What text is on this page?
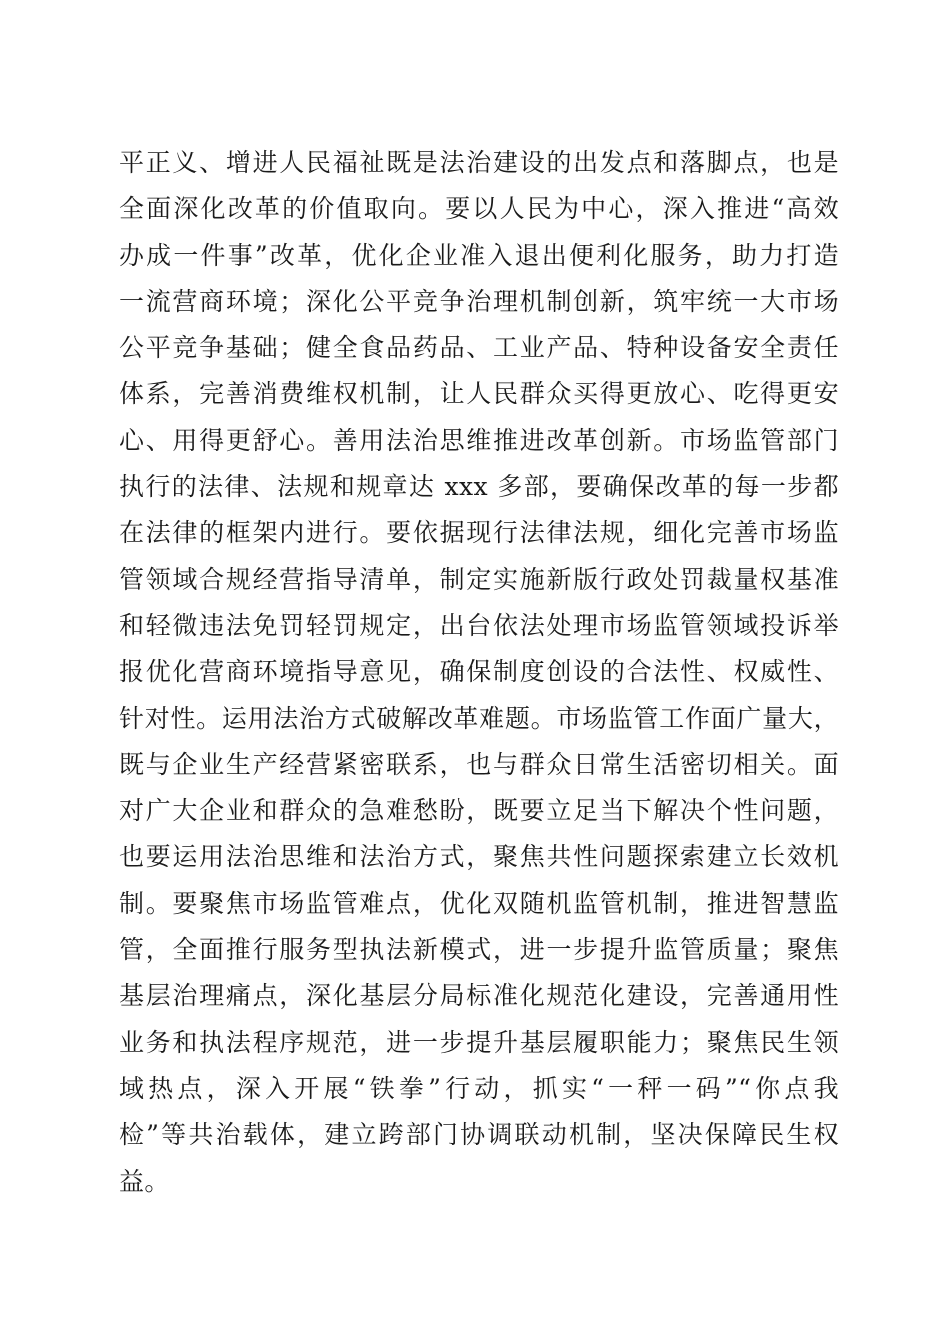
平正义、增进人民福祉既是法治建设的出发点和落脚点，也是
全面深化改革的价值取向。要以人民为中心，深入推进“高效
办成一件事”改革，优化企业准入退出便利化服务，助力打造
一流营商环境；深化公平竞争治理机制创新，筑牢统一大市场
公平竞争基础；健全食品药品、工业产品、特种设备安全责任
体系，完善消费维权机制，让人民群众买得更放心、吃得更安
心、用得更舒心。善用法治思维推进改革创新。市场监管部门
执行的法律、法规和规章达 xxx 多部，要确保改革的每一步都
在法律的框架内进行。要依据现行法律法规，细化完善市场监
管领域合规经营指导清单，制定实施新版行政处罚裁量权基准
和轻微违法免罚轻罚规定，出台依法处理市场监管领域投诉举
报优化营商环境指导意见，确保制度创设的合法性、权威性、
针对性。运用法治方式破解改革难题。市场监管工作面广量大，
既与企业生产经营紧密联系，也与群众日常生活密切相关。面
对广大企业和群众的急难愁盼，既要立足当下解决个性问题，
也要运用法治思维和法治方式，聚焦共性问题探索建立长效机
制。要聚焦市场监管难点，优化双随机监管机制，推进智慧监
管，全面推行服务型执法新模式，进一步提升监管质量；聚焦
基层治理痛点，深化基层分局标准化规范化建设，完善通用性
业务和执法程序规范，进一步提升基层履职能力；聚焦民生领
域热点，深入开展“铁拳”行动，抓实“一秤一码”“你点我
检”等共治载体，建立跨部门协调联动机制，坚决保障民生权
益。
